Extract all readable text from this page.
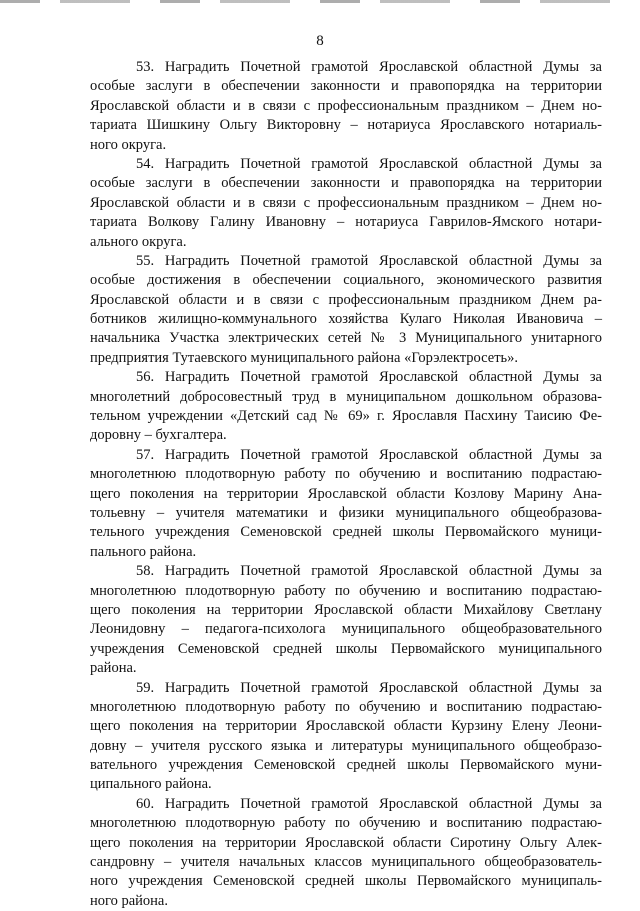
8
53. Наградить Почетной грамотой Ярославской областной Думы за
особые заслуги в обеспечении законности и правопорядка на территории
Ярославской области и в связи с профессиональным праздником – Днем но-
тариата Шишкину Ольгу Викторовну – нотариуса Ярославского нотариаль-
ного округа.
54. Наградить Почетной грамотой Ярославской областной Думы за
особые заслуги в обеспечении законности и правопорядка на территории
Ярославской области и в связи с профессиональным праздником – Днем но-
тариата Волкову Галину Ивановну – нотариуса Гаврилов-Ямского нотари-
ального округа.
55. Наградить Почетной грамотой Ярославской областной Думы за
особые достижения в обеспечении социального, экономического развития
Ярославской области и в связи с профессиональным праздником Днем ра-
ботников жилищно-коммунального хозяйства Кулаго Николая Ивановича –
начальника Участка электрических сетей № 3 Муниципального унитарного
предприятия Тутаевского муниципального района «Горэлектросеть».
56. Наградить Почетной грамотой Ярославской областной Думы за
многолетний добросовестный труд в муниципальном дошкольном образова-
тельном учреждении «Детский сад № 69» г. Ярославля Пасхину Таисию Фе-
доровну – бухгалтера.
57. Наградить Почетной грамотой Ярославской областной Думы за
многолетнюю плодотворную работу по обучению и воспитанию подрастаю-
щего поколения на территории Ярославской области Козлову Марину Ана-
тольевну – учителя математики и физики муниципального общеобразова-
тельного учреждения Семеновской средней школы Первомайского муници-
пального района.
58. Наградить Почетной грамотой Ярославской областной Думы за
многолетнюю плодотворную работу по обучению и воспитанию подрастаю-
щего поколения на территории Ярославской области Михайлову Светлану
Леонидовну – педагога-психолога муниципального общеобразовательного
учреждения Семеновской средней школы Первомайского муниципального
района.
59. Наградить Почетной грамотой Ярославской областной Думы за
многолетнюю плодотворную работу по обучению и воспитанию подрастаю-
щего поколения на территории Ярославской области Курзину Елену Леони-
довну – учителя русского языка и литературы муниципального общеобразо-
вательного учреждения Семеновской средней школы Первомайского муни-
ципального района.
60. Наградить Почетной грамотой Ярославской областной Думы за
многолетнюю плодотворную работу по обучению и воспитанию подрастаю-
щего поколения на территории Ярославской области Сиротину Ольгу Алек-
сандровну – учителя начальных классов муниципального общеобразователь-
ного учреждения Семеновской средней школы Первомайского муниципаль-
ного района.
